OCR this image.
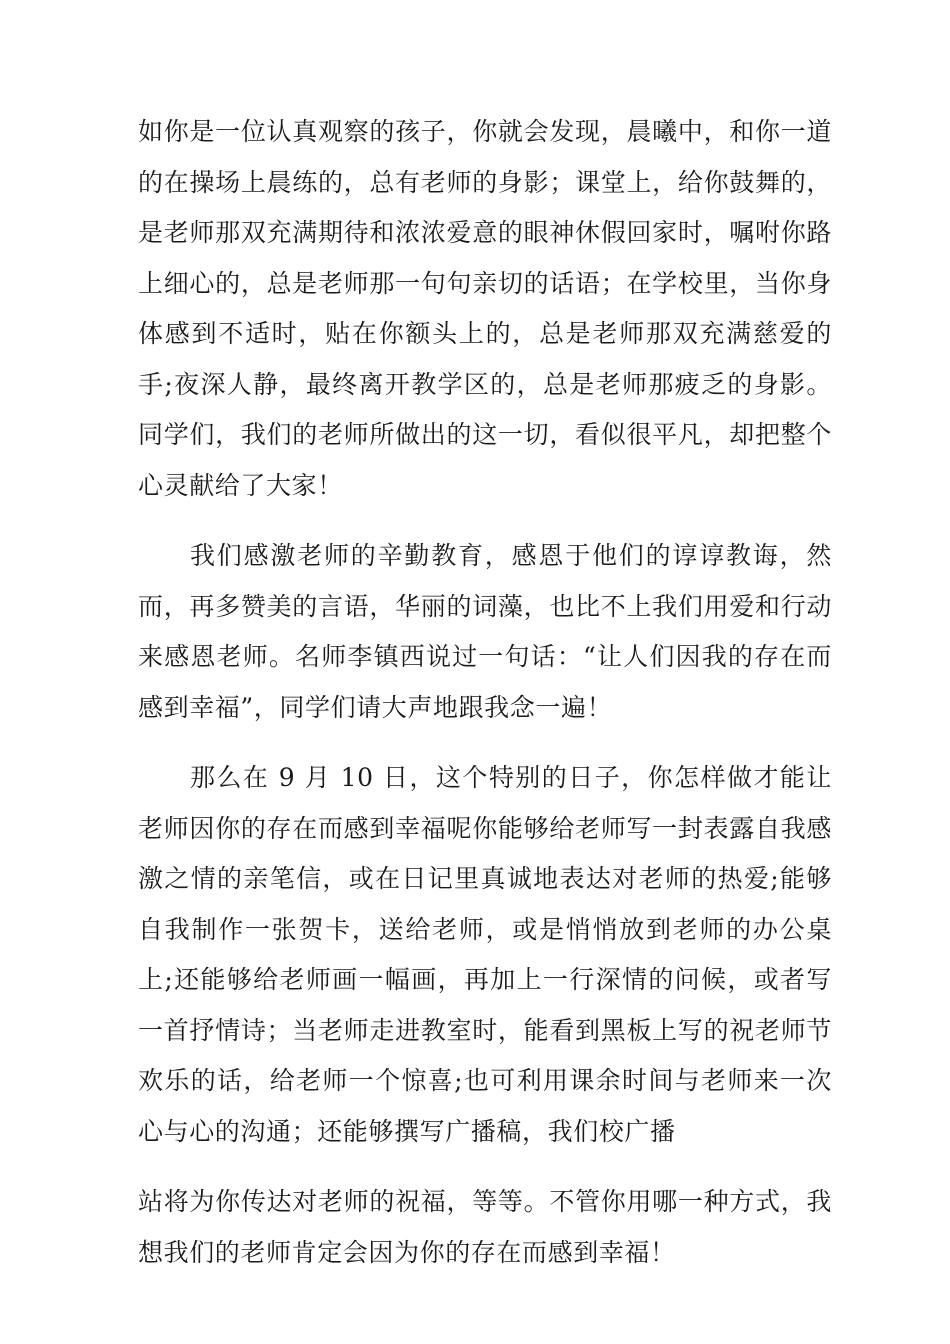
如你是一位认真观察的孩子，你就会发现，晨曦中，和你一道的在操场上晨练的，总有老师的身影；课堂上，给你鼓舞的，是老师那双充满期待和浓浓爱意的眼神休假回家时，嘱咐你路上细心的，总是老师那一句句亲切的话语；在学校里，当你身体感到不适时，贴在你额头上的，总是老师那双充满慈爱的手;夜深人静，最终离开教学区的，总是老师那疲乏的身影。同学们，我们的老师所做出的这一切，看似很平凡，却把整个心灵献给了大家！

我们感激老师的辛勤教育，感恩于他们的谆谆教诲，然而，再多赞美的言语，华丽的词藻，也比不上我们用爱和行动来感恩老师。名师李镇西说过一句话：“让人们因我的存在而感到幸福”，同学们请大声地跟我念一遍！

那么在 9 月 10 日，这个特别的日子，你怎样做才能让老师因你的存在而感到幸福呢你能够给老师写一封表露自我感激之情的亲笔信，或在日记里真诚地表达对老师的热爱;能够自我制作一张贺卡，送给老师，或是悄悄放到老师的办公桌上;还能够给老师画一幅画，再加上一行深情的问候，或者写一首抒情诗；当老师走进教室时，能看到黑板上写的祝老师节欢乐的话，给老师一个惊喜;也可利用课余时间与老师来一次心与心的沟通；还能够撰写广播稿，我们校广播

站将为你传达对老师的祝福，等等。不管你用哪一种方式，我想我们的老师肯定会因为你的存在而感到幸福！
